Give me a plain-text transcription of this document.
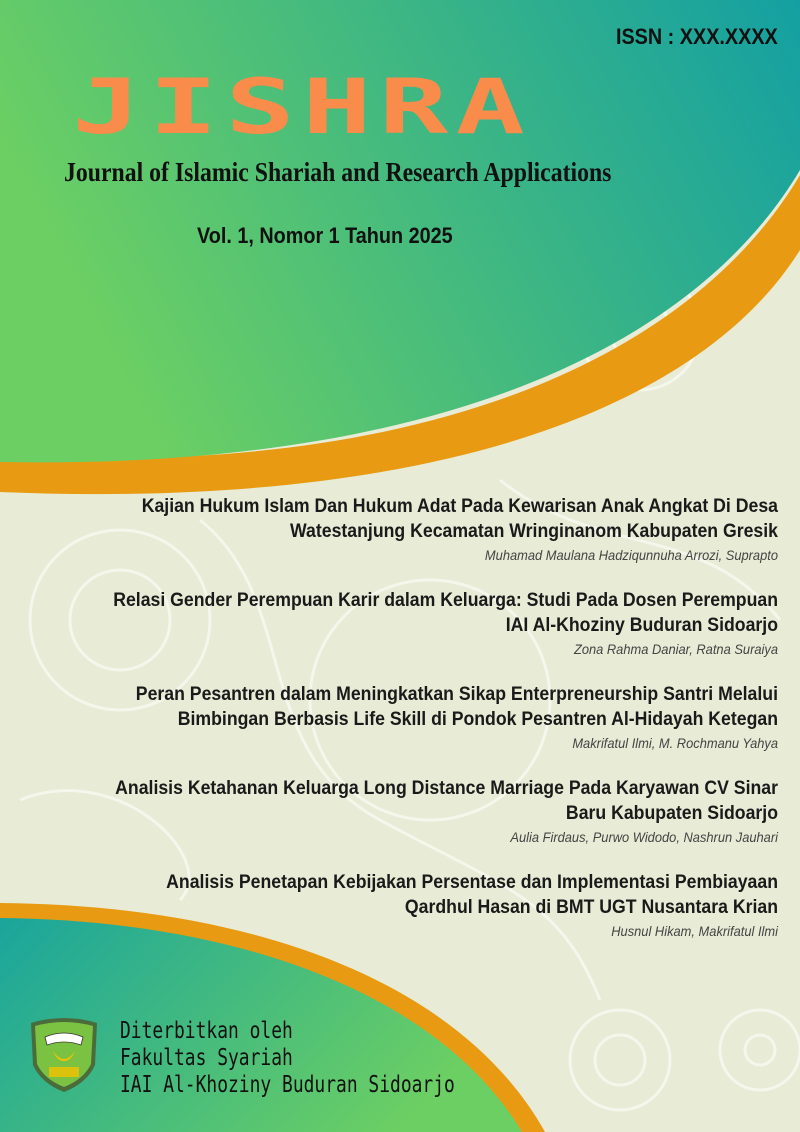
ISSN : XXX.XXXX
JISHRA
Journal of Islamic Shariah and Research Applications
Vol. 1, Nomor 1 Tahun 2025
Kajian Hukum Islam Dan Hukum Adat Pada Kewarisan Anak Angkat Di Desa
Watestanjung Kecamatan Wringinanom Kabupaten Gresik
Muhamad Maulana Hadziqunnuha Arrozi, Suprapto
Relasi Gender Perempuan Karir dalam Keluarga: Studi Pada Dosen Perempuan
IAI Al-Khoziny Buduran Sidoarjo
Zona Rahma Daniar, Ratna Suraiya
Peran Pesantren dalam Meningkatkan Sikap Enterpreneurship Santri Melalui
Bimbingan Berbasis Life Skill di Pondok Pesantren Al-Hidayah Ketegan
Makrifatul Ilmi, M. Rochmanu Yahya
Analisis Ketahanan Keluarga Long Distance Marriage Pada Karyawan CV Sinar
Baru Kabupaten Sidoarjo
Aulia Firdaus, Purwo Widodo, Nashrun Jauhari
Analisis Penetapan Kebijakan Persentase dan Implementasi Pembiayaan
Qardhul Hasan di BMT UGT Nusantara Krian
Husnul Hikam, Makrifatul Ilmi
Diterbitkan oleh
Fakultas Syariah
IAI Al-Khoziny Buduran Sidoarjo
